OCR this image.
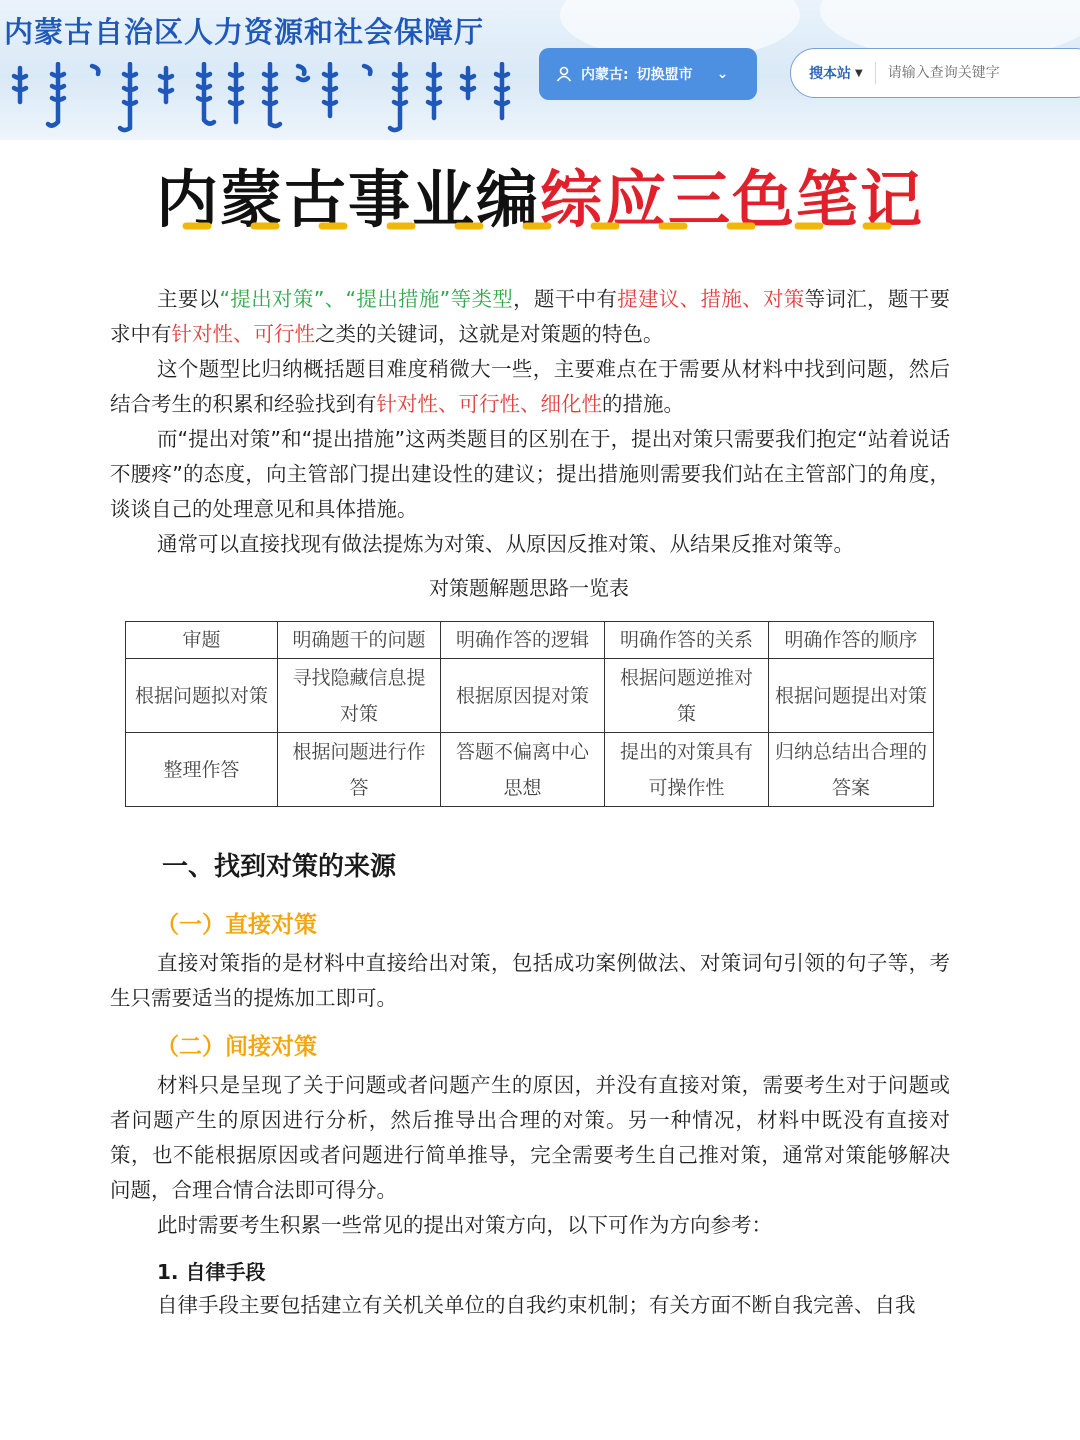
内蒙古自治区人力资源和社会保障厅
内蒙古: 切换盟市 ⌄	搜本站 ▼
请输入查询关键字
内蒙古事业编综应三色笔记

主要以“提出对策”、“提出措施”等类型，题干中有提建议、措施、对策等词汇，题干要求中有针对性、可行性之类的关键词，这就是对策题的特色。

这个题型比归纳概括题目难度稍微大一些，主要难点在于需要从材料中找到问题，然后结合考生的积累和经验找到有针对性、可行性、细化性的措施。

而“提出对策”和“提出措施”这两类题目的区别在于，提出对策只需要我们抱定“站着说话不腰疼”的态度，向主管部门提出建设性的建议；提出措施则需要我们站在主管部门的角度，谈谈自己的处理意见和具体措施。

通常可以直接找现有做法提炼为对策、从原因反推对策、从结果反推对策等。

对策题解题思路一览表
审题	明确题干的问题	明确作答的逻辑	明确作答的关系	明确作答的顺序
根据问题拟对策	寻找隐藏信息提对策	根据原因提对策	根据问题逆推对策	根据问题提出对策
整理作答	根据问题进行作答	答题不偏离中心思想	提出的对策具有可操作性	归纳总结出合理的答案
一、找到对策的来源
（一）直接对策

直接对策指的是材料中直接给出对策，包括成功案例做法、对策词句引领的句子等，考生只需要适当的提炼加工即可。

（二）间接对策

材料只是呈现了关于问题或者问题产生的原因，并没有直接对策，需要考生对于问题或者问题产生的原因进行分析，然后推导出合理的对策。另一种情况，材料中既没有直接对策，也不能根据原因或者问题进行简单推导，完全需要考生自己推对策，通常对策能够解决问题，合理合情合法即可得分。

此时需要考生积累一些常见的提出对策方向，以下可作为方向参考：

1. 自律手段

自律手段主要包括建立有关机关单位的自我约束机制；有关方面不断自我完善、自我
